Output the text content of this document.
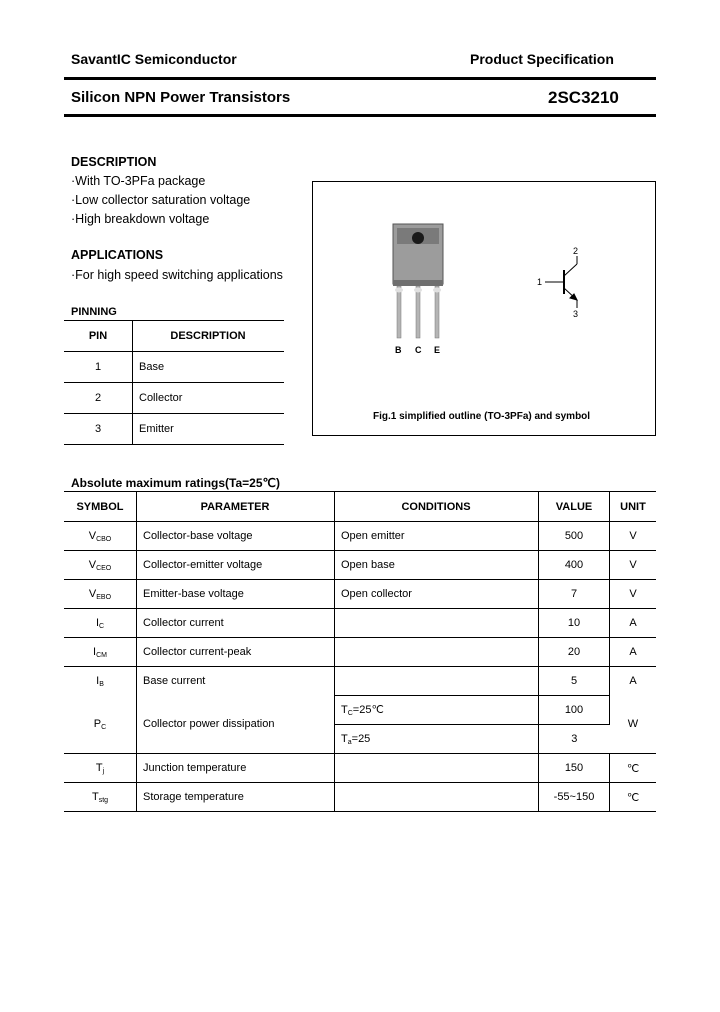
SavantIC Semiconductor	Product Specification
Silicon NPN Power Transistors	2SC3210
DESCRIPTION
·With TO-3PFa package
·Low collector saturation voltage
·High breakdown voltage
APPLICATIONS
·For high speed switching applications
PINNING
PIN	DESCRIPTION
1	Base
2	Collector
3	Emitter
B C E
1
2
3
Fig.1 simplified outline (TO-3PFa) and symbol
Absolute maximum ratings(Ta=25℃)
SYMBOL	PARAMETER	CONDITIONS	VALUE	UNIT
$V_{CBO}$	Collector-base voltage	Open emitter	500	V
$V_{CEO}$	Collector-emitter voltage	Open base	400	V
$V_{EBO}$	Emitter-base voltage	Open collector	7	V
$I_C$	Collector current		10	A
$I_{CM}$	Collector current-peak		20	A
$I_B$	Base current		5	A
$P_C$	Collector power dissipation	$T_C=25℃$	100	W
		$T_a=25$	3	
$T_j$	Junction temperature		150	℃
$T_{stg}$	Storage temperature		-55~150	℃
